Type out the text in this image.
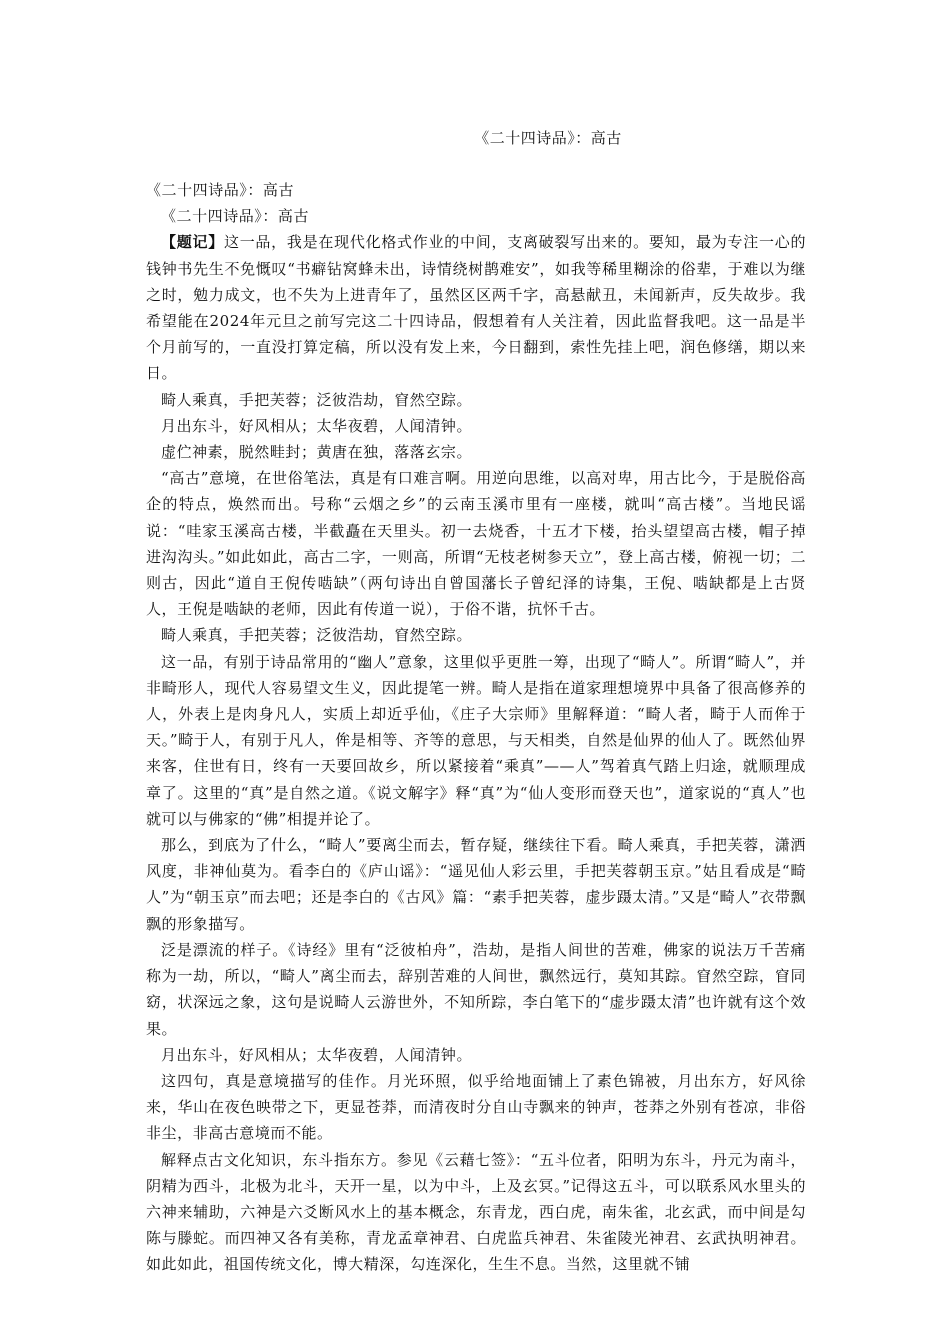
《二十四诗品》：高古

《二十四诗品》：高古

《二十四诗品》：高古

【题记】这一品，我是在现代化格式作业的中间，支离破裂写出来的。要知，最为专注一心的钱钟书先生不免慨叹“书癖钻窝蜂未出，诗情绕树鹊难安”，如我等稀里糊涂的俗辈，于难以为继之时，勉力成文，也不失为上进青年了，虽然区区两千字，高悬献丑，未闻新声，反失故步。我希望能在2024年元旦之前写完这二十四诗品，假想着有人关注着，因此监督我吧。这一品是半个月前写的，一直没打算定稿，所以没有发上来，今日翻到，索性先挂上吧，润色修缮，期以来日。

畸人乘真，手把芙蓉；泛彼浩劫，窅然空踪。

月出东斗，好风相从；太华夜碧，人闻清钟。

虚伫神素，脱然畦封；黄唐在独，落落玄宗。

“高古”意境，在世俗笔法，真是有口难言啊。用逆向思维，以高对卑，用古比今，于是脱俗高企的特点，焕然而出。号称“云烟之乡”的云南玉溪市里有一座楼，就叫“高古楼”。当地民谣说：“哇家玉溪高古楼，半截矗在天里头。初一去烧香，十五才下楼，抬头望望高古楼，帽子掉进沟沟头。”如此如此，高古二字，一则高，所谓“无枝老树参天立”，登上高古楼，俯视一切；二则古，因此“道自王倪传啮缺”（两句诗出自曾国藩长子曾纪泽的诗集，王倪、啮缺都是上古贤人，王倪是啮缺的老师，因此有传道一说），于俗不谐，抗怀千古。

畸人乘真，手把芙蓉；泛彼浩劫，窅然空踪。

这一品，有别于诗品常用的“幽人”意象，这里似乎更胜一筹，出现了“畸人”。所谓“畸人”，并非畸形人，现代人容易望文生义，因此提笔一辨。畸人是指在道家理想境界中具备了很高修养的人，外表上是肉身凡人，实质上却近乎仙，《庄子大宗师》里解释道：“畸人者，畸于人而侔于天。”畸于人，有别于凡人，侔是相等、齐等的意思，与天相类，自然是仙界的仙人了。既然仙界来客，住世有日，终有一天要回故乡，所以紧接着“乘真”——人”驾着真气踏上归途，就顺理成章了。这里的“真”是自然之道。《说文解字》释“真”为“仙人变形而登天也”，道家说的“真人”也就可以与佛家的“佛”相提并论了。

那么，到底为了什么，“畸人”要离尘而去，暂存疑，继续往下看。畸人乘真，手把芙蓉，潇洒风度，非神仙莫为。看李白的《庐山谣》：“遥见仙人彩云里，手把芙蓉朝玉京。”姑且看成是“畸人”为“朝玉京”而去吧；还是李白的《古风》篇：“素手把芙蓉，虚步蹑太清。”又是“畸人”衣带飘飘的形象描写。

泛是漂流的样子。《诗经》里有“泛彼柏舟”，浩劫，是指人间世的苦难，佛家的说法万千苦痛称为一劫，所以，“畸人”离尘而去，辞别苦难的人间世，飘然远行，莫知其踪。窅然空踪，窅同窈，状深远之象，这句是说畸人云游世外，不知所踪，李白笔下的“虚步蹑太清”也许就有这个效果。

月出东斗，好风相从；太华夜碧，人闻清钟。

这四句，真是意境描写的佳作。月光环照，似乎给地面铺上了素色锦被，月出东方，好风徐来，华山在夜色映带之下，更显苍莽，而清夜时分自山寺飘来的钟声，苍莽之外别有苍凉，非俗非尘，非高古意境而不能。

解释点古文化知识，东斗指东方。参见《云藉七签》：“五斗位者，阳明为东斗，丹元为南斗，阴精为西斗，北极为北斗，天开一星，以为中斗，上及玄冥。”记得这五斗，可以联系风水里头的六神来辅助，六神是六爻断风水上的基本概念，东青龙，西白虎，南朱雀，北玄武，而中间是勾陈与滕蛇。而四神又各有美称，青龙孟章神君、白虎监兵神君、朱雀陵光神君、玄武执明神君。如此如此，祖国传统文化，博大精深，勾连深化，生生不息。当然，这里就不铺
